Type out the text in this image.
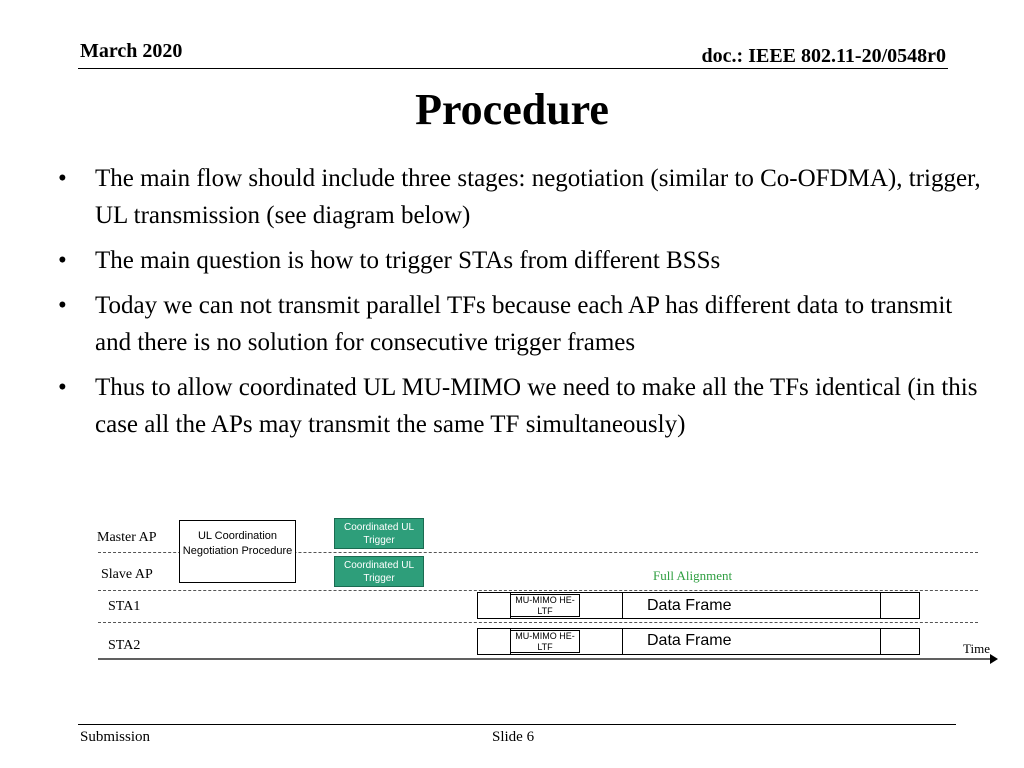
March 2020	doc.: IEEE 802.11-20/0548r0
Procedure
• The main flow should include three stages: negotiation (similar to Co-OFDMA), trigger, UL transmission (see diagram below)
• The main question is how to trigger STAs from different BSSs
• Today we can not transmit parallel TFs because each AP has different data to transmit and there is no solution for consecutive trigger frames
• Thus to allow coordinated UL MU-MIMO we need to make all the TFs identical (in this case all the APs may transmit the same TF simultaneously)
Master AP
Slave AP
STA1
STA2
UL Coordination Negotiation Procedure
Coordinated UL Trigger
Coordinated UL Trigger	Full Alignment
MU-MIMO HE-LTF	Data Frame
MU-MIMO HE-LTF	Data Frame	Time
Submission	Slide 6
